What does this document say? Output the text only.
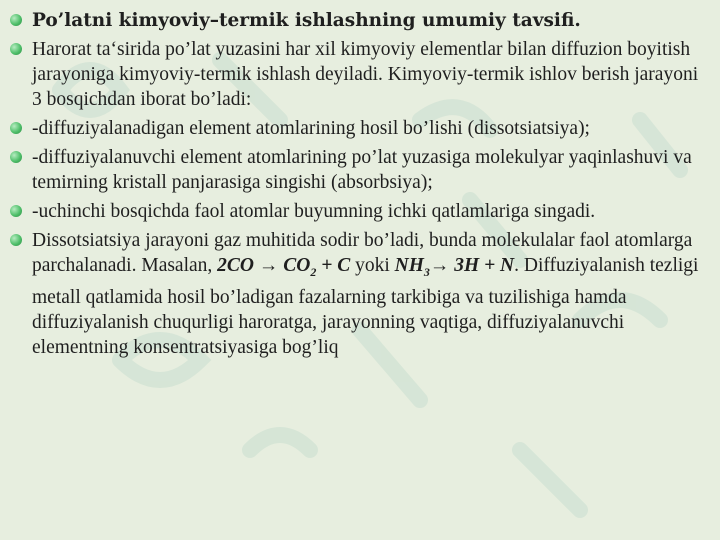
Po’latni kimyoviy–termik ishlashning umumiy tavsifi.
Harorat ta‘sirida po’lat yuzasini har xil kimyoviy elementlar bilan diffuzion boyitish jarayoniga kimyoviy-termik ishlash deyiladi. Kimyoviy-termik ishlov berish jarayoni 3 bosqichdan iborat bo’ladi:
-diffuziyalanadigan element atomlarining hosil bo’lishi (dissotsiatsiya);
-diffuziyalanuvchi element atomlarining po’lat yuzasiga molekulyar yaqinlashuvi va temirning kristall panjarasiga singishi (absorbsiya);
-uchinchi bosqichda faol atomlar buyumning ichki qatlamlariga singadi.
Dissotsiatsiya jarayoni gaz muhitida sodir bo’ladi, bunda molekulalar faol atomlarga parchalanadi. Masalan, $2CO \to CO_2 + C$ yoki $NH_3\to 3H + N$. Diffuziyalanish tezligi metall qatlamida hosil bo’ladigan fazalarning tarkibiga va tuzilishiga hamda diffuziyalanish chuqurligi haroratga, jarayonning vaqtiga, diffuziyalanuvchi elementning konsentratsiyasiga bog’liq
